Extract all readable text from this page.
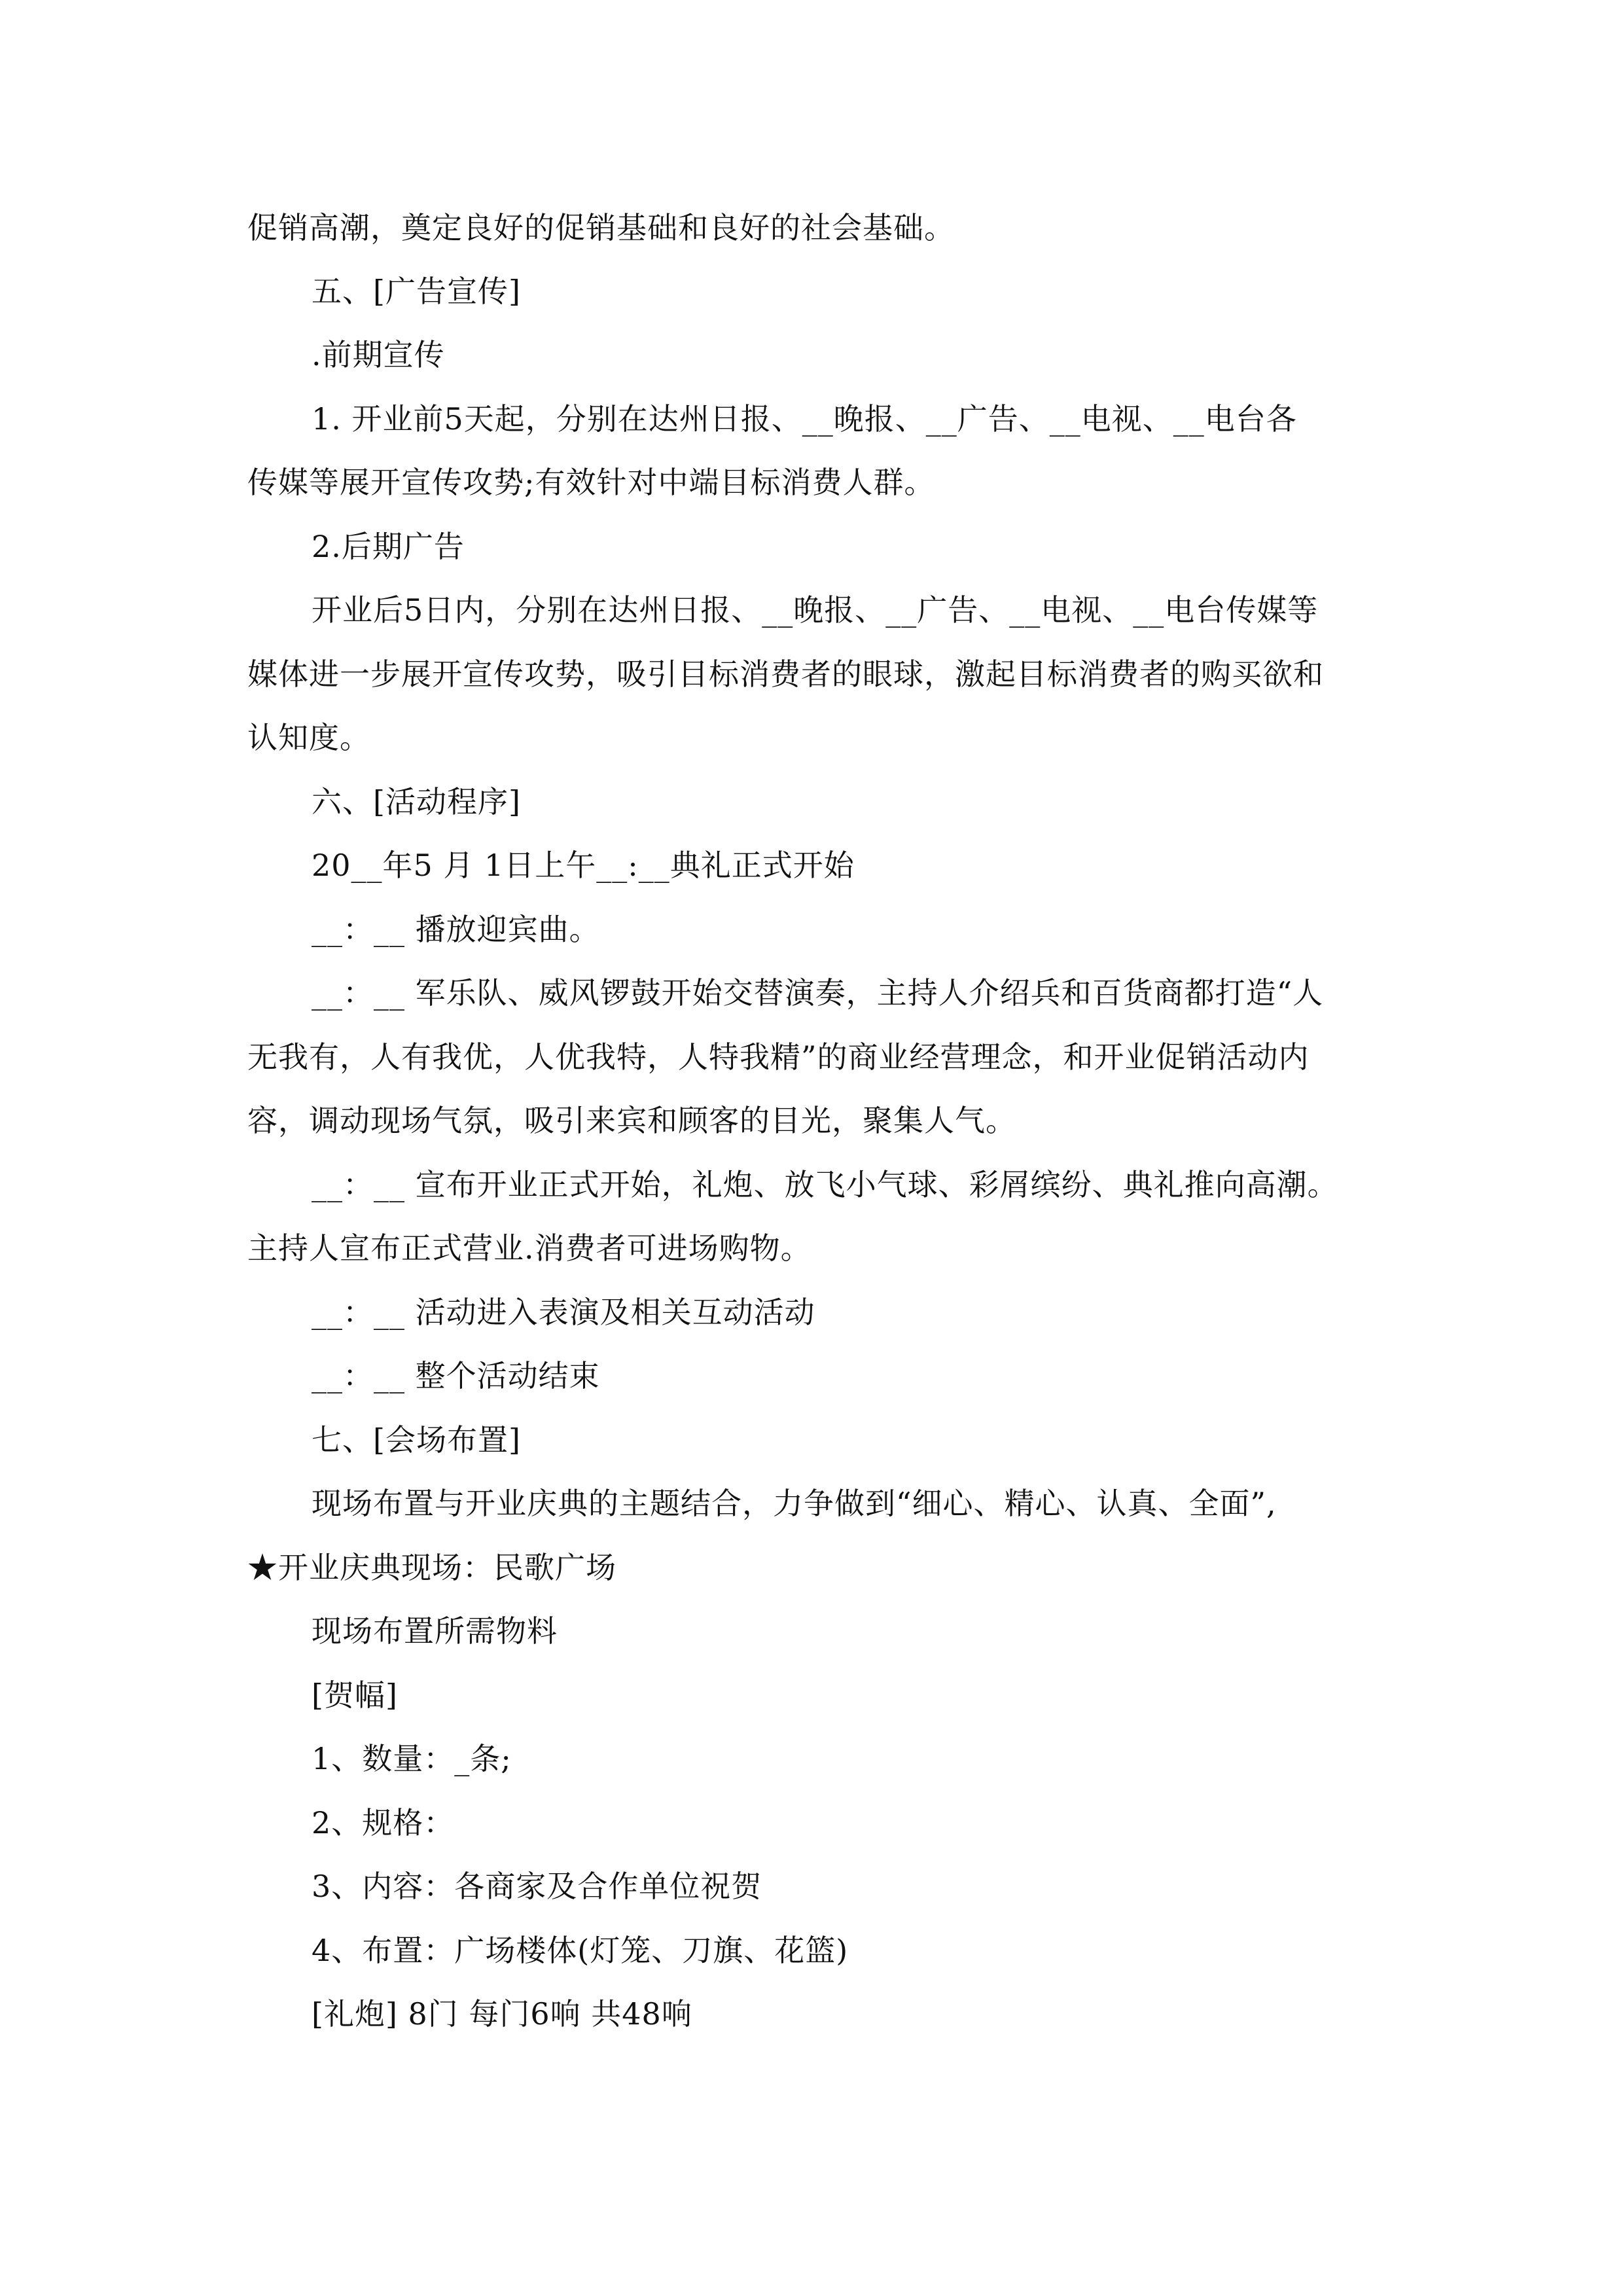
促销高潮，奠定良好的促销基础和良好的社会基础。
五、[广告宣传]
.前期宣传
1. 开业前5天起，分别在达州日报、__晚报、__广告、__电视、__电台各
传媒等展开宣传攻势;有效针对中端目标消费人群。
2.后期广告
开业后5日内，分别在达州日报、__晚报、__广告、__电视、__电台传媒等
媒体进一步展开宣传攻势，吸引目标消费者的眼球，激起目标消费者的购买欲和
认知度。
六、[活动程序]
20__年5 月 1日上午__:__典礼正式开始
__：__ 播放迎宾曲。
__：__ 军乐队、威风锣鼓开始交替演奏，主持人介绍兵和百货商都打造“人
无我有，人有我优，人优我特，人特我精”的商业经营理念，和开业促销活动内
容，调动现场气氛，吸引来宾和顾客的目光，聚集人气。
__：__ 宣布开业正式开始，礼炮、放飞小气球、彩屑缤纷、典礼推向高潮。
主持人宣布正式营业.消费者可进场购物。
__：__ 活动进入表演及相关互动活动
__：__ 整个活动结束
七、[会场布置]
现场布置与开业庆典的主题结合，力争做到“细心、精心、认真、全面”,
★开业庆典现场：民歌广场
现场布置所需物料
[贺幅]
1、数量：_条;
2、规格：
3、内容：各商家及合作单位祝贺
4、布置：广场楼体(灯笼、刀旗、花篮)
[礼炮] 8门 每门6响 共48响
